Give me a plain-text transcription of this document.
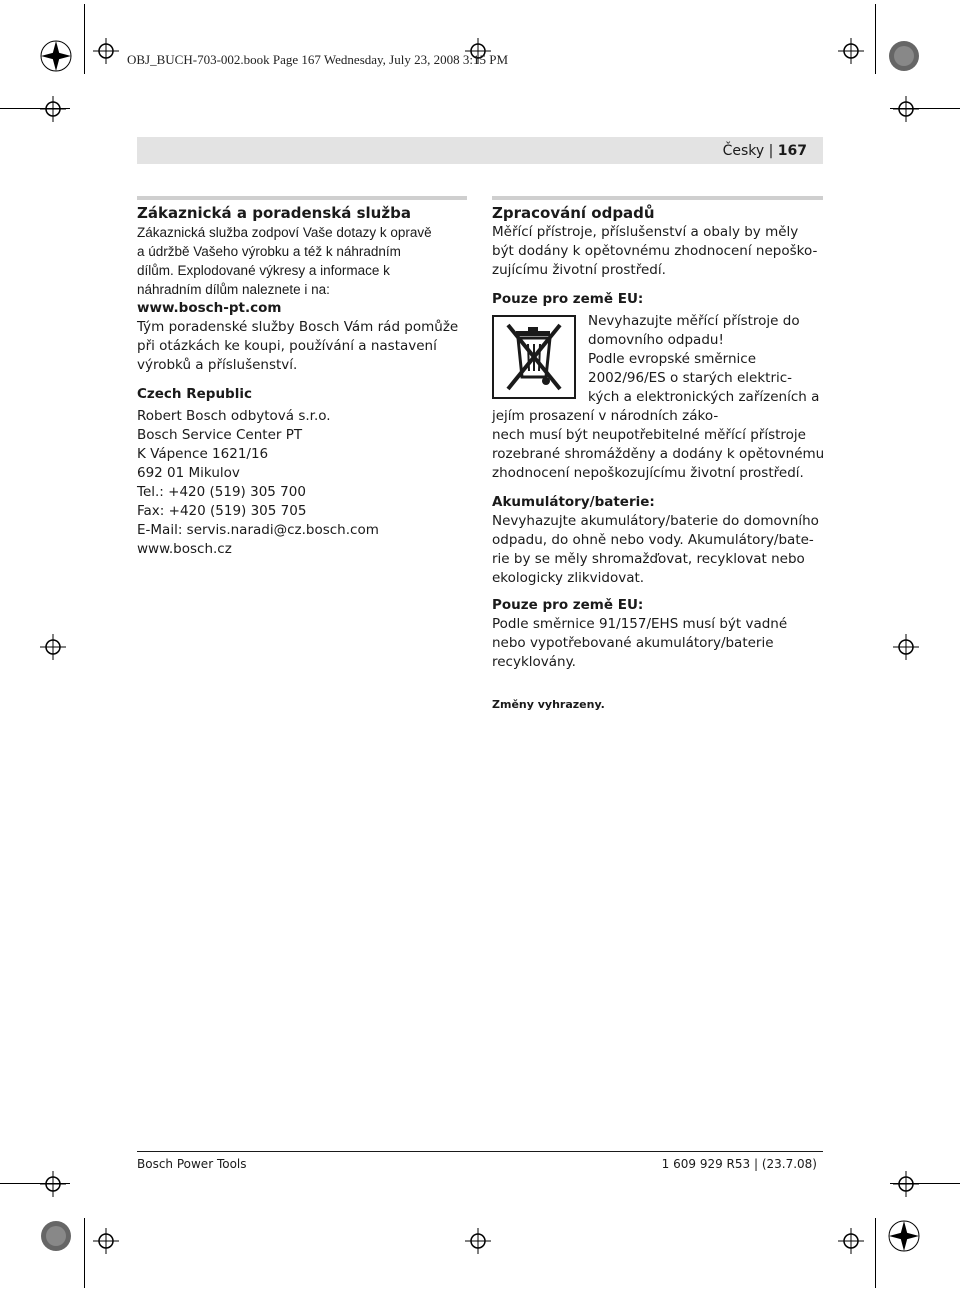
OBJ_BUCH-703-002.book Page 167 Wednesday, July 23, 2008 3:15 PM
Česky | 167
Zákaznická a poradenská služba

Zákaznická služba zodpoví Vaše dotazy k opravě

a údržbě Vašeho výrobku a též k náhradním

dílům. Explodované výkresy a informace k

náhradním dílům naleznete i na:

www.bosch-pt.com

Tým poradenské služby Bosch Vám rád pomůže

při otázkách ke koupi, používání a nastavení

výrobků a příslušenství.

Czech Republic

Robert Bosch odbytová s.r.o.

Bosch Service Center PT

K Vápence 1621/16

692 01 Mikulov

Tel.: +420 (519) 305 700

Fax: +420 (519) 305 705

E-Mail: servis.naradi@cz.bosch.com

www.bosch.cz

Zpracování odpadů

Měřící přístroje, příslušenství a obaly by měly

být dodány k opětovnému zhodnocení nepoško-

zujícímu životní prostředí.

Pouze pro země EU:

Nevyhazujte měřící přístroje do

domovního odpadu!

Podle evropské směrnice

2002/96/ES o starých elektric-

kých a elektronických zařízeních a

jejím prosazení v národních záko-

nech musí být neupotřebitelné měřící přístroje

rozebrané shromážděny a dodány k opětovnému

zhodnocení nepoškozujícímu životní prostředí.

Akumulátory/baterie:

Nevyhazujte akumulátory/baterie do domovního

odpadu, do ohně nebo vody. Akumulátory/bate-

rie by se měly shromažďovat, recyklovat nebo

ekologicky zlikvidovat.

Pouze pro země EU:

Podle směrnice 91/157/EHS musí být vadné

nebo vypotřebované akumulátory/baterie

recyklovány.

Změny vyhrazeny.
Bosch Power Tools	1 609 929 R53 | (23.7.08)
